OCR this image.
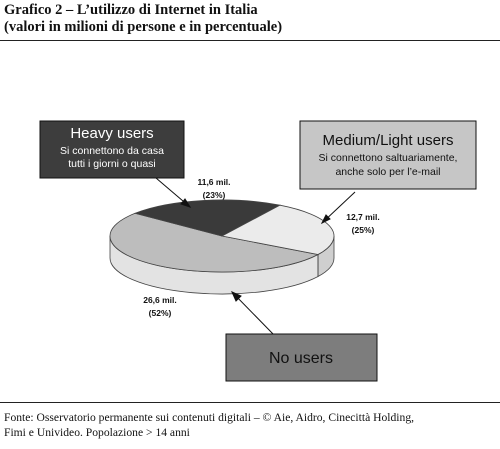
Grafico 2 – L’utilizzo di Internet in Italia
(valori in milioni di persone e in percentuale)
Heavy users
Si connettono da casa
tutti i giorni o quasi
Medium/Light users
Si connettono saltuariamente,
anche solo per l’e-mail
No users
11,6 mil.
(23%)
12,7 mil.
(25%)
26,6 mil.
(52%)
Fonte: Osservatorio permanente sui contenuti digitali – © Aie, Aidro, Cinecittà Holding,
Fimi e Univideo. Popolazione > 14 anni
